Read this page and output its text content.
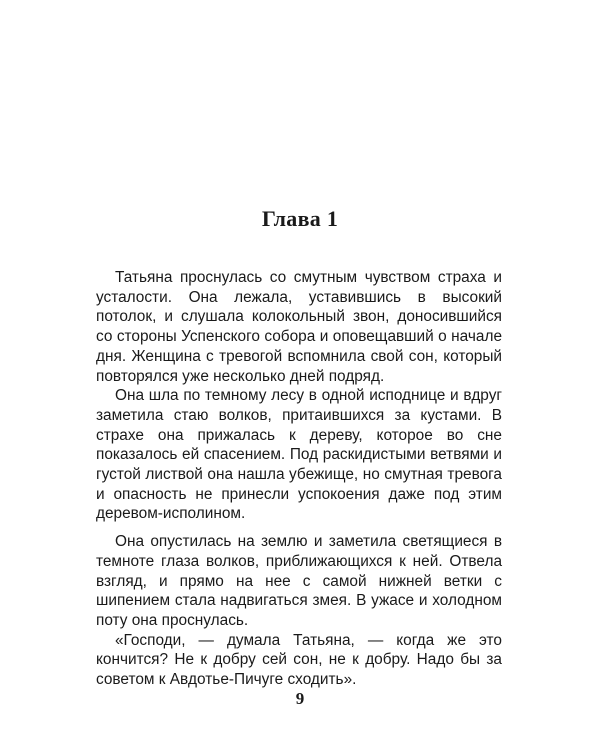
Глава 1

Татьяна проснулась со смутным чувством страха и усталости. Она лежала, уставившись в высокий потолок, и слушала колокольный звон, доносившийся со стороны Успенского собора и оповещавший о начале дня. Женщина с тревогой вспомнила свой сон, который повторялся уже несколько дней подряд.

Она шла по темному лесу в одной исподнице и вдруг заметила стаю волков, притаившихся за кустами. В страхе она прижалась к дереву, которое во сне показалось ей спасением. Под раскидистыми ветвями и густой листвой она нашла убежище, но смутная тревога и опасность не принесли успокоения даже под этим деревом-исполином.

Она опустилась на землю и заметила светящиеся в темноте глаза волков, приближающихся к ней. Отвела взгляд, и прямо на нее с самой нижней ветки с шипением стала надвигаться змея. В ужасе и холодном поту она проснулась.

«Господи, — думала Татьяна, — когда же это кончится? Не к добру сей сон, не к добру. Надо бы за советом к Авдотье-Пичуге сходить».

9
